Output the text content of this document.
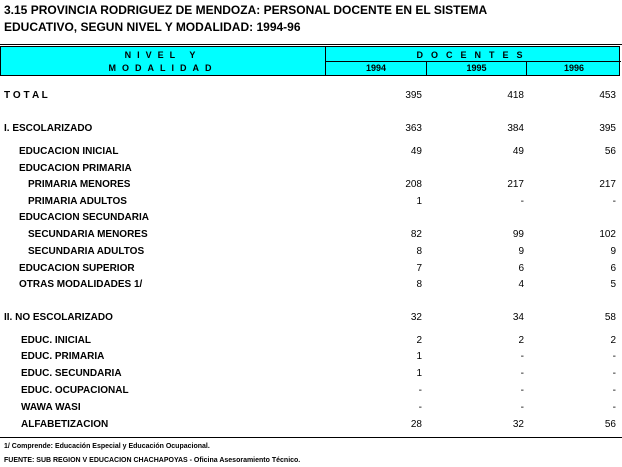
3.15 PROVINCIA RODRIGUEZ DE MENDOZA: PERSONAL DOCENTE EN EL SISTEMA
EDUCATIVO, SEGUN NIVEL Y MODALIDAD: 1994-96
NIVEL Y
MODALIDAD
DOCENTES
1994	1995	1996
T O T A L	395	418	453
I. ESCOLARIZADO	363	384	395
EDUCACION INICIAL	49	49	56
EDUCACION PRIMARIA
PRIMARIA MENORES	208	217	217
PRIMARIA ADULTOS	1	-	-
EDUCACION SECUNDARIA
SECUNDARIA MENORES	82	99	102
SECUNDARIA ADULTOS	8	9	9
EDUCACION SUPERIOR	7	6	6
OTRAS MODALIDADES 1/	8	4	5
II. NO ESCOLARIZADO	32	34	58
EDUC. INICIAL	2	2	2
EDUC. PRIMARIA	1	-	-
EDUC. SECUNDARIA	1	-	-
EDUC. OCUPACIONAL	-	-	-
WAWA WASI	-	-	-
ALFABETIZACION	28	32	56
1/ Comprende: Educación Especial y Educación Ocupacional.
FUENTE: SUB REGION V EDUCACION CHACHAPOYAS - Oficina Asesoramiento Técnico.
